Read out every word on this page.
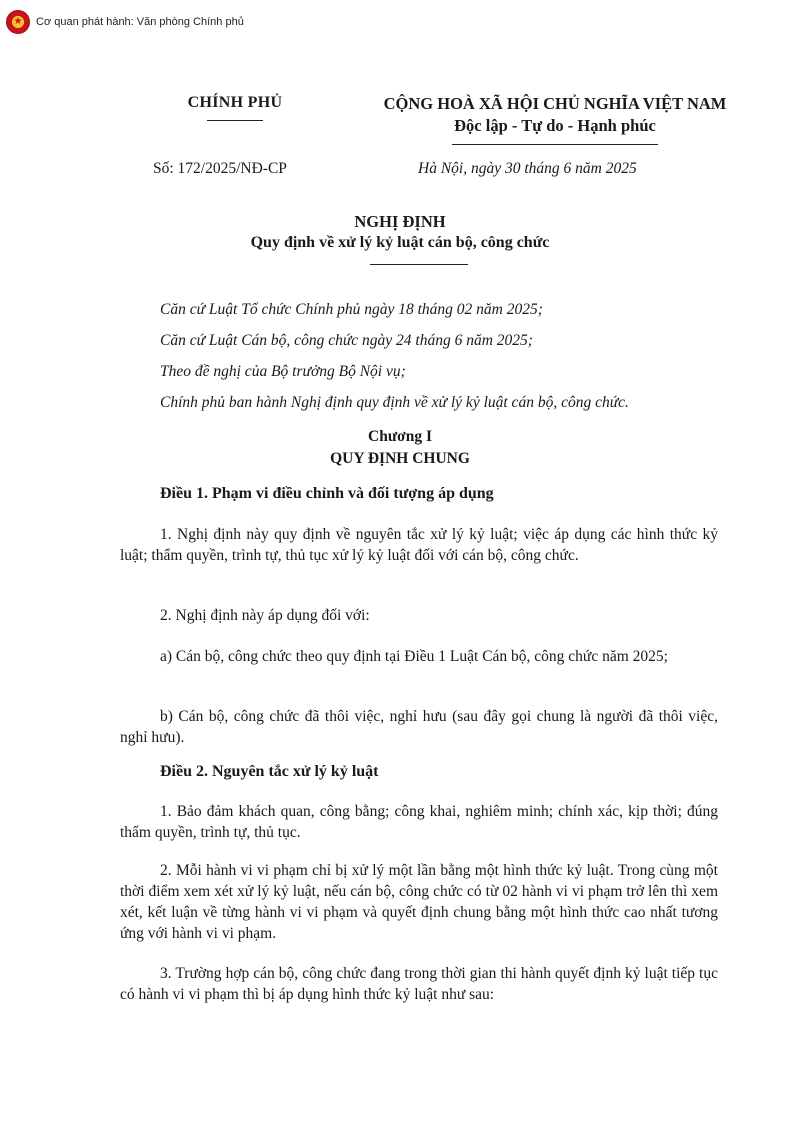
★
Cơ quan phát hành: Văn phòng Chính phủ
CHÍNH PHỦ	CỘNG HOÀ XÃ HỘI CHỦ NGHĨA VIỆT NAM
Độc lập - Tự do - Hạnh phúc
Số: 172/2025/NĐ-CP	Hà Nội, ngày 30 tháng 6 năm 2025
NGHỊ ĐỊNH
Quy định về xử lý kỷ luật cán bộ, công chức
Căn cứ Luật Tổ chức Chính phủ ngày 18 tháng 02 năm 2025;
Căn cứ Luật Cán bộ, công chức ngày 24 tháng 6 năm 2025;
Theo đề nghị của Bộ trưởng Bộ Nội vụ;
Chính phủ ban hành Nghị định quy định về xử lý kỷ luật cán bộ, công chức.
Chương I
QUY ĐỊNH CHUNG
Điều 1. Phạm vi điều chỉnh và đối tượng áp dụng
1. Nghị định này quy định về nguyên tắc xử lý kỷ luật; việc áp dụng các hình thức kỷ luật; thẩm quyền, trình tự, thủ tục xử lý kỷ luật đối với cán bộ, công chức.
2. Nghị định này áp dụng đối với:
a) Cán bộ, công chức theo quy định tại Điều 1 Luật Cán bộ, công chức năm 2025;
b) Cán bộ, công chức đã thôi việc, nghỉ hưu (sau đây gọi chung là người đã thôi việc, nghỉ hưu).
Điều 2. Nguyên tắc xử lý kỷ luật
1. Bảo đảm khách quan, công bằng; công khai, nghiêm minh; chính xác, kịp thời; đúng thẩm quyền, trình tự, thủ tục.
2. Mỗi hành vi vi phạm chỉ bị xử lý một lần bằng một hình thức kỷ luật. Trong cùng một thời điểm xem xét xử lý kỷ luật, nếu cán bộ, công chức có từ 02 hành vi vi phạm trở lên thì xem xét, kết luận về từng hành vi vi phạm và quyết định chung bằng một hình thức cao nhất tương ứng với hành vi vi phạm.
3. Trường hợp cán bộ, công chức đang trong thời gian thi hành quyết định kỷ luật tiếp tục có hành vi vi phạm thì bị áp dụng hình thức kỷ luật như sau:
